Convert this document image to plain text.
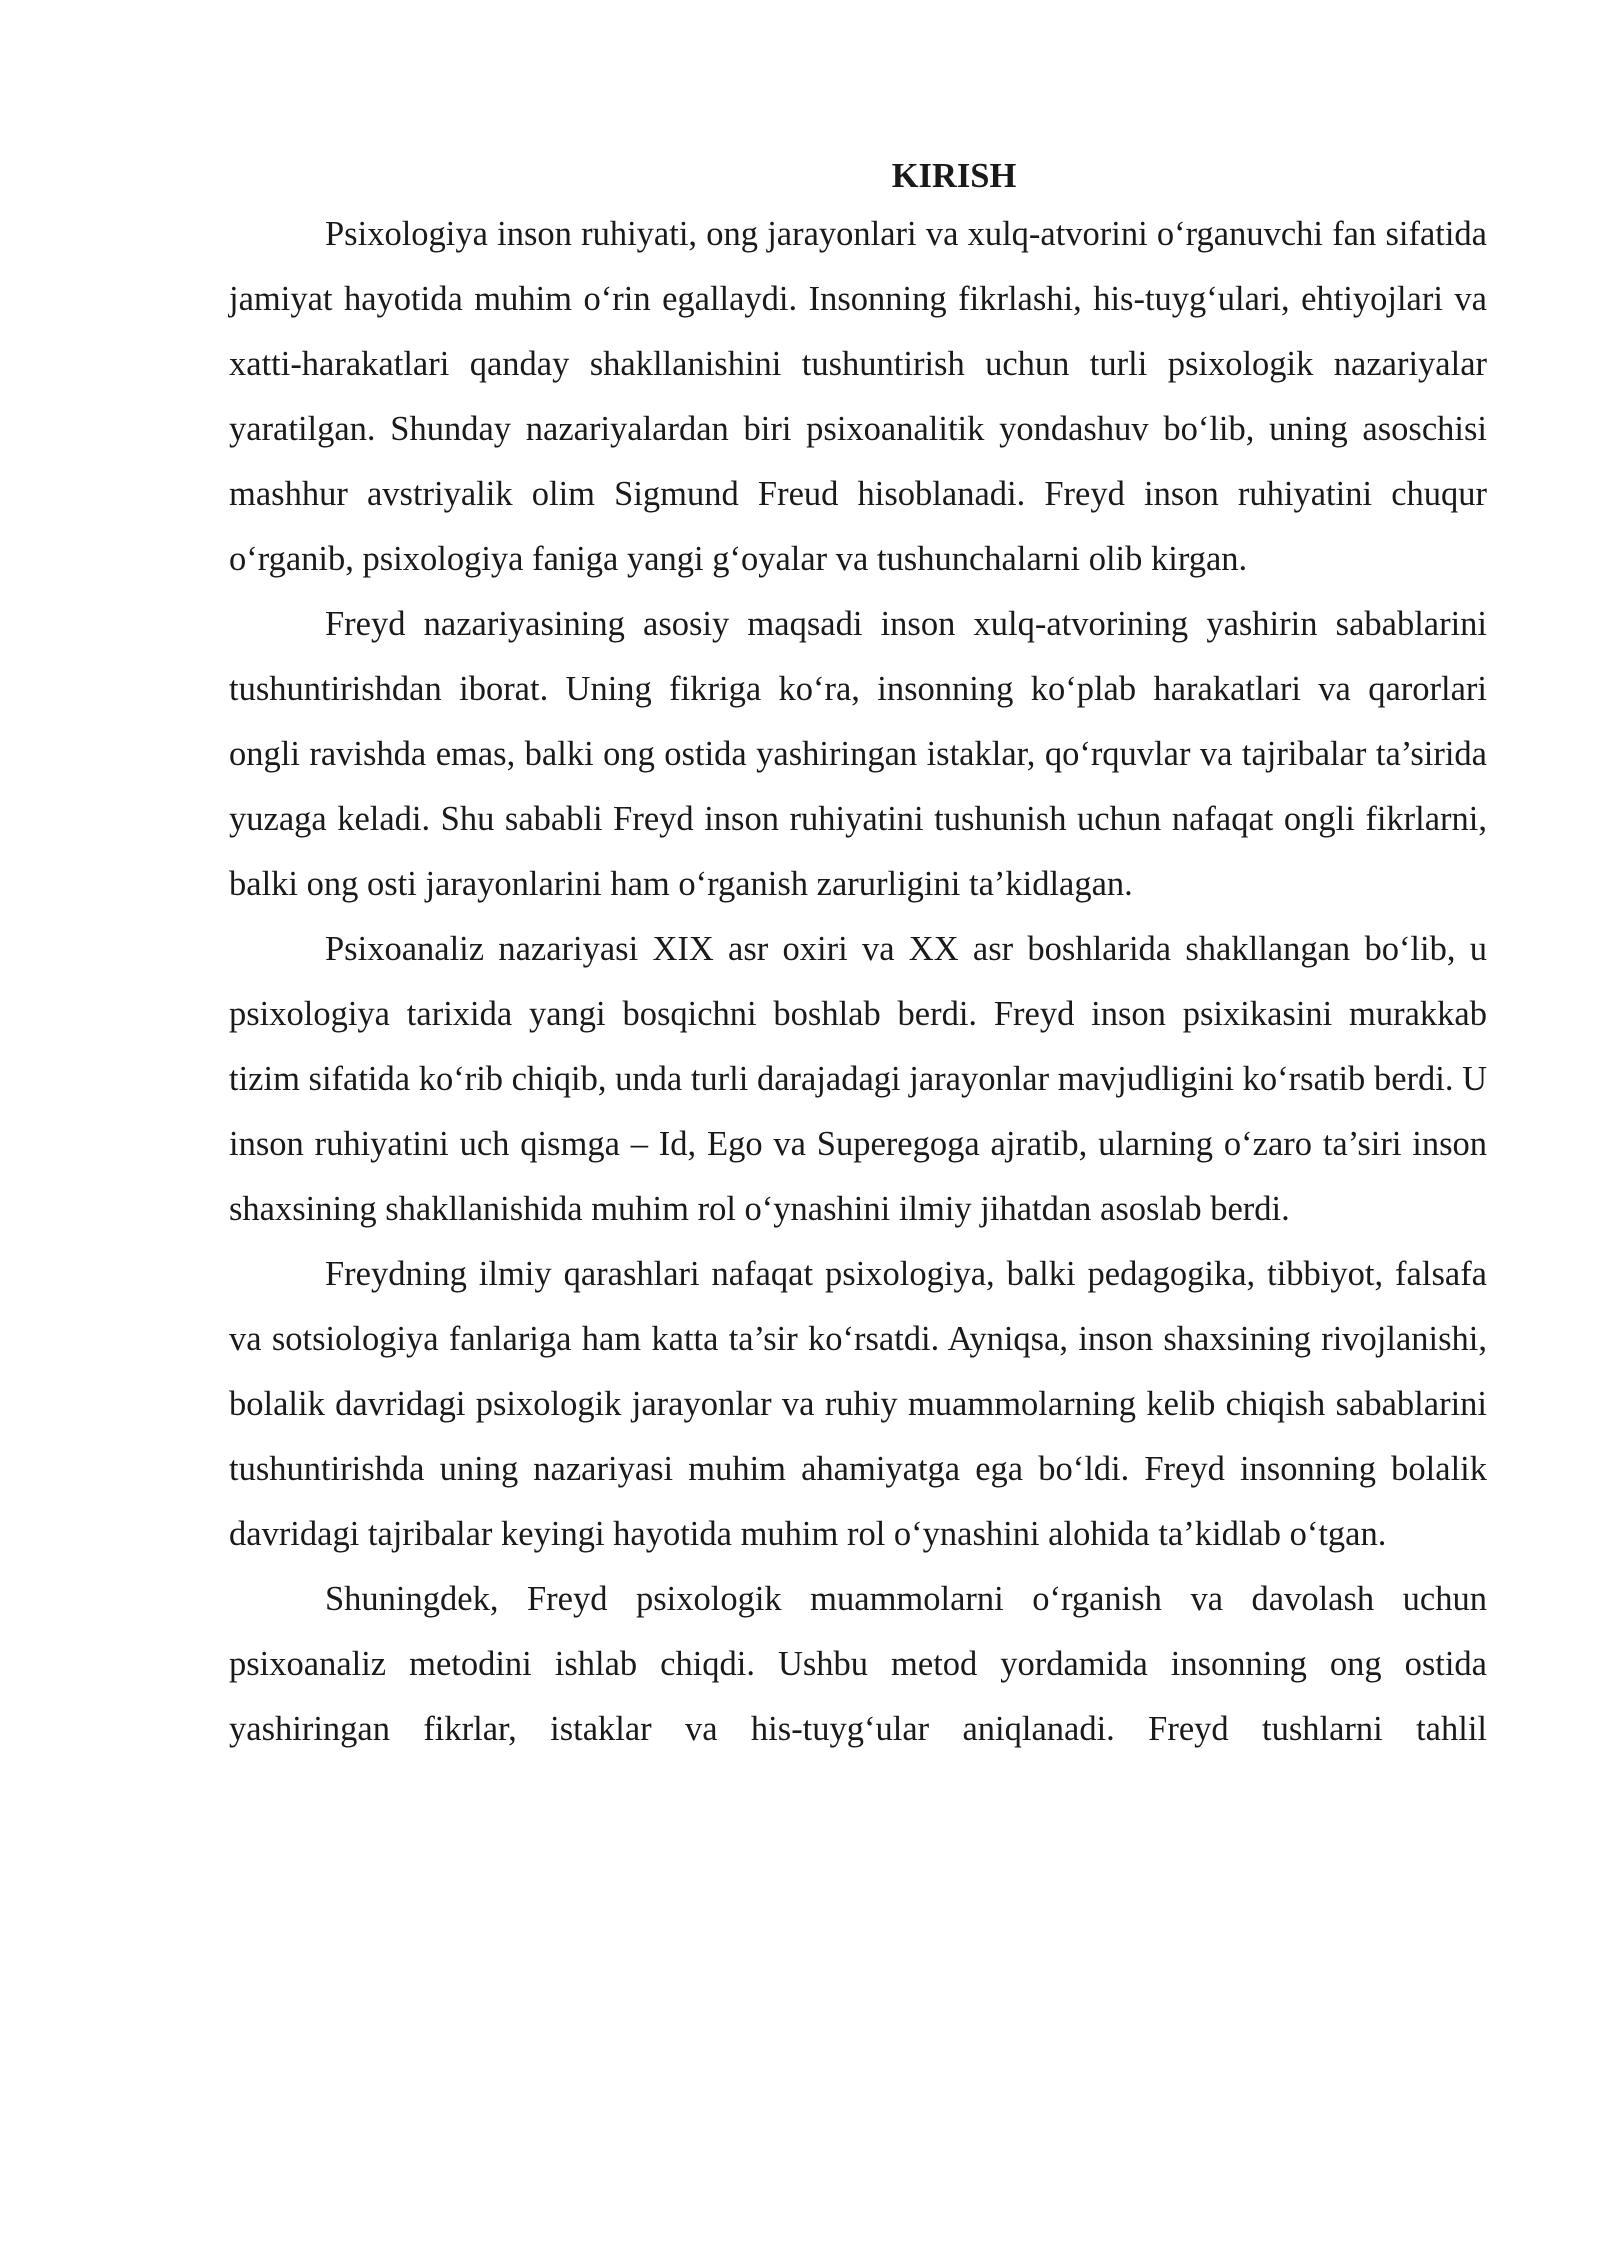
KIRISH

Psixologiya inson ruhiyati, ong jarayonlari va xulq-atvorini o‘rganuvchi fan sifatida jamiyat hayotida muhim o‘rin egallaydi. Insonning fikrlashi, his-tuyg‘ulari, ehtiyojlari va xatti-harakatlari qanday shakllanishini tushuntirish uchun turli psixologik nazariyalar yaratilgan. Shunday nazariyalardan biri psixoanalitik yondashuv bo‘lib, uning asoschisi mashhur avstriyalik olim Sigmund Freud hisoblanadi. Freyd inson ruhiyatini chuqur o‘rganib, psixologiya faniga yangi g‘oyalar va tushunchalarni olib kirgan.

Freyd nazariyasining asosiy maqsadi inson xulq-atvorining yashirin sabablarini tushuntirishdan iborat. Uning fikriga ko‘ra, insonning ko‘plab harakatlari va qarorlari ongli ravishda emas, balki ong ostida yashiringan istaklar, qo‘rquvlar va tajribalar ta’sirida yuzaga keladi. Shu sababli Freyd inson ruhiyatini tushunish uchun nafaqat ongli fikrlarni, balki ong osti jarayonlarini ham o‘rganish zarurligini ta’kidlagan.

Psixoanaliz nazariyasi XIX asr oxiri va XX asr boshlarida shakllangan bo‘lib, u psixologiya tarixida yangi bosqichni boshlab berdi. Freyd inson psixikasini murakkab tizim sifatida ko‘rib chiqib, unda turli darajadagi jarayonlar mavjudligini ko‘rsatib berdi. U inson ruhiyatini uch qismga – Id, Ego va Superegoga ajratib, ularning o‘zaro ta’siri inson shaxsining shakllanishida muhim rol o‘ynashini ilmiy jihatdan asoslab berdi.

Freydning ilmiy qarashlari nafaqat psixologiya, balki pedagogika, tibbiyot, falsafa va sotsiologiya fanlariga ham katta ta’sir ko‘rsatdi. Ayniqsa, inson shaxsining rivojlanishi, bolalik davridagi psixologik jarayonlar va ruhiy muammolarning kelib chiqish sabablarini tushuntirishda uning nazariyasi muhim ahamiyatga ega bo‘ldi. Freyd insonning bolalik davridagi tajribalar keyingi hayotida muhim rol o‘ynashini alohida ta’kidlab o‘tgan.

Shuningdek, Freyd psixologik muammolarni o‘rganish va davolash uchun psixoanaliz metodini ishlab chiqdi. Ushbu metod yordamida insonning ong ostida yashiringan fikrlar, istaklar va his-tuyg‘ular aniqlanadi. Freyd tushlarni tahlil
